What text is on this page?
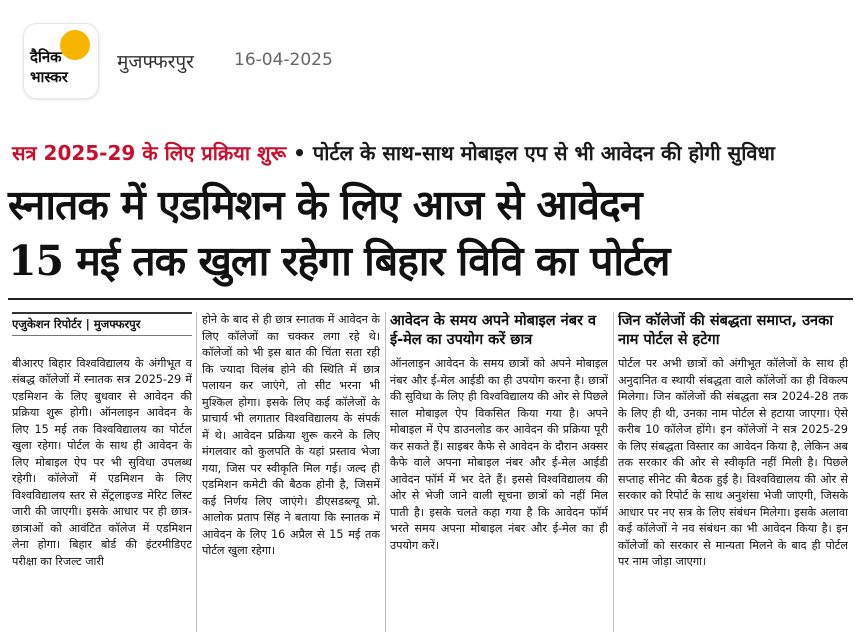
दैनिक
भास्कर
मुजफ्फरपुर 16-04-2025
सत्र 2025-29 के लिए प्रक्रिया शुरू • पोर्टल के साथ-साथ मोबाइल एप से भी आवेदन की होगी सुविधा
स्नातक में एडमिशन के लिए आज से आवेदन
15 मई तक खुला रहेगा बिहार विवि का पोर्टल
एजुकेशन रिपोर्टर | मुजफ्फरपुर
बीआरए बिहार विश्वविद्यालय के अंगीभूत व संबद्ध कॉलेजों में स्नातक सत्र 2025-29 में एडमिशन के लिए बुधवार से आवेदन की प्रक्रिया शुरू होगी। ऑनलाइन आवेदन के लिए 15 मई तक विश्वविद्यालय का पोर्टल खुला रहेगा। पोर्टल के साथ ही आवेदन के लिए मोबाइल ऐप पर भी सुविधा उपलब्ध रहेगी। कॉलेजों में एडमिशन के लिए विश्वविद्यालय स्तर से सेंट्रलाइज्ड मेरिट लिस्ट जारी की जाएगी। इसके आधार पर ही छात्र-छात्राओं को आवंटित कॉलेज में एडमिशन लेना होगा। बिहार बोर्ड की इंटरमीडिएट परीक्षा का रिजल्ट जारी
होने के बाद से ही छात्र स्नातक में आवेदन के लिए कॉलेजों का चक्कर लगा रहे थे। कॉलेजों को भी इस बात की चिंता सता रही कि ज्यादा विलंब होने की स्थिति में छात्र पलायन कर जाएंगे, तो सीट भरना भी मुश्किल होगा। इसके लिए कई कॉलेजों के प्राचार्य भी लगातार विश्वविद्यालय के संपर्क में थे। आवेदन प्रक्रिया शुरू करने के लिए मंगलवार को कुलपति के यहां प्रस्ताव भेजा गया, जिस पर स्वीकृति मिल गई। जल्द ही एडमिशन कमेटी की बैठक होनी है, जिसमें कई निर्णय लिए जाएंगे। डीएसडब्ल्यू प्रो. आलोक प्रताप सिंह ने बताया कि स्नातक में आवेदन के लिए 16 अप्रैल से 15 मई तक पोर्टल खुला रहेगा।
आवेदन के समय अपने मोबाइल नंबर व ई-मेल का उपयोग करें छात्र
ऑनलाइन आवेदन के समय छात्रों को अपने मोबाइल नंबर और ई-मेल आईडी का ही उपयोग करना है। छात्रों की सुविधा के लिए ही विश्वविद्यालय की ओर से पिछले साल मोबाइल ऐप विकसित किया गया है। अपने मोबाइल में ऐप डाउनलोड कर आवेदन की प्रक्रिया पूरी कर सकते हैं। साइबर कैफे से आवेदन के दौरान अक्सर कैफे वाले अपना मोबाइल नंबर और ई-मेल आईडी आवेदन फॉर्म में भर देते हैं। इससे विश्वविद्यालय की ओर से भेजी जाने वाली सूचना छात्रों को नहीं मिल पाती है। इसके चलते कहा गया है कि आवेदन फॉर्म भरते समय अपना मोबाइल नंबर और ई-मेल का ही उपयोग करें।
जिन कॉलेजों की संबद्धता समाप्त, उनका नाम पोर्टल से हटेगा
पोर्टल पर अभी छात्रों को अंगीभूत कॉलेजों के साथ ही अनुदानित व स्थायी संबद्धता वाले कॉलेजों का ही विकल्प मिलेगा। जिन कॉलेजों की संबद्धता सत्र 2024-28 तक के लिए ही थी, उनका नाम पोर्टल से हटाया जाएगा। ऐसे करीब 10 कॉलेज होंगे। इन कॉलेजों ने सत्र 2025-29 के लिए संबद्धता विस्तार का आवेदन किया है, लेकिन अब तक सरकार की ओर से स्वीकृति नहीं मिली है। पिछले सप्ताह सीनेट की बैठक हुई है। विश्वविद्यालय की ओर से सरकार को रिपोर्ट के साथ अनुशंसा भेजी जाएगी, जिसके आधार पर नए सत्र के लिए संबंधन मिलेगा। इसके अलावा कई कॉलेजों ने नव संबंधन का भी आवेदन किया है। इन कॉलेजों को सरकार से मान्यता मिलने के बाद ही पोर्टल पर नाम जोड़ा जाएगा।
